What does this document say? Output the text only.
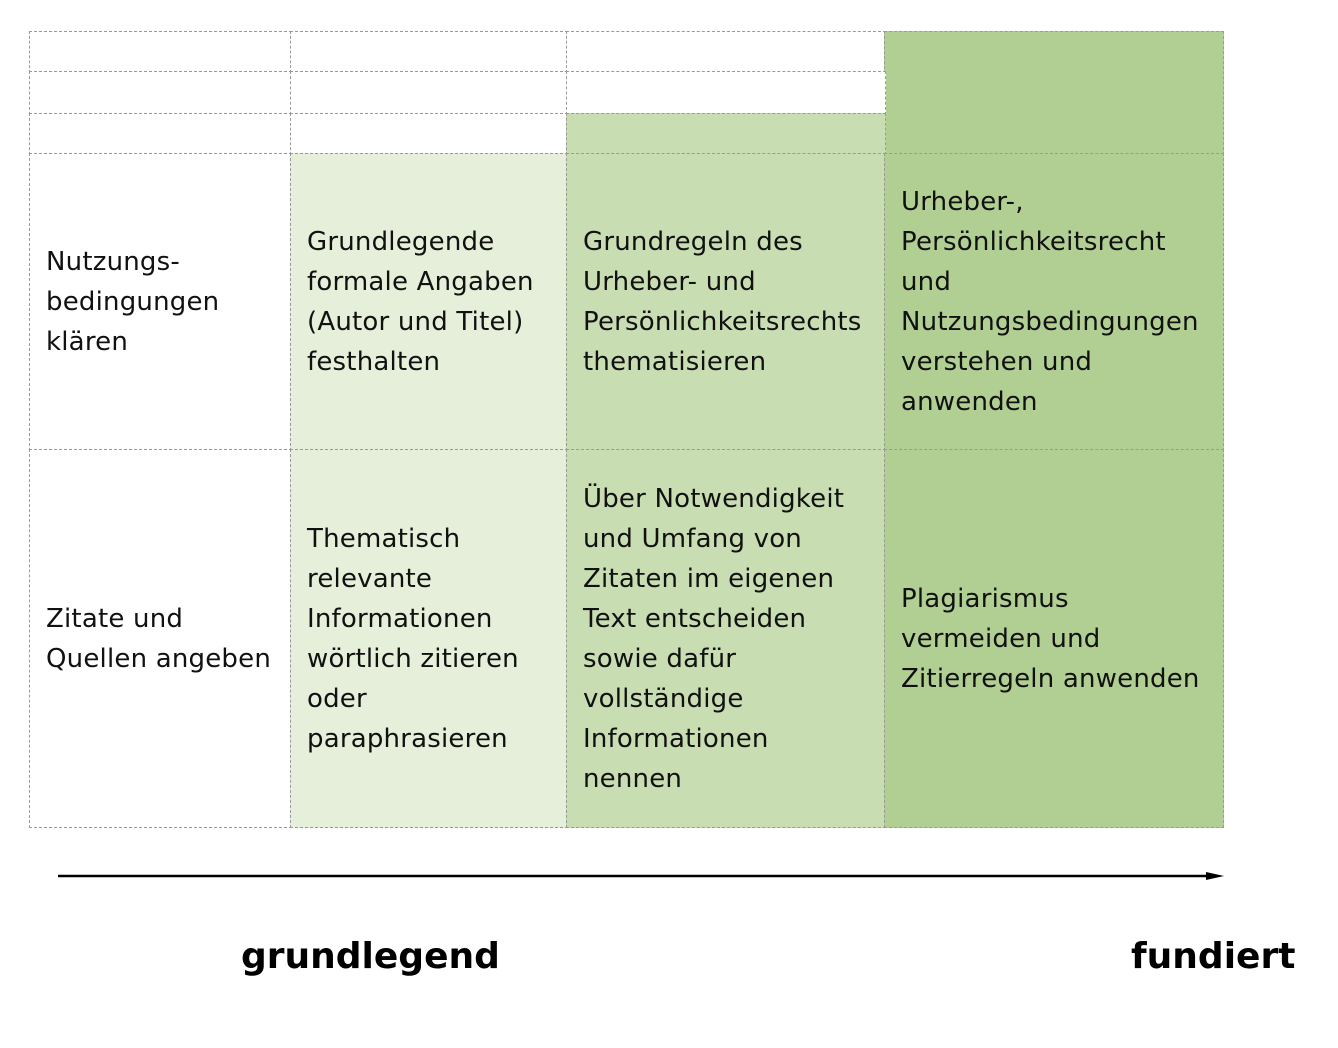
Nutzungs-
bedingungen
klären
Grundlegende
formale Angaben
(Autor und Titel)
festhalten
Grundregeln des
Urheber- und
Persönlichkeitsrechts
thematisieren
Urheber-,
Persönlichkeitsrecht
und
Nutzungsbedingungen
verstehen und
anwenden
Zitate und
Quellen angeben
Thematisch
relevante
Informationen
wörtlich zitieren
oder
paraphrasieren
Über Notwendigkeit
und Umfang von
Zitaten im eigenen
Text entscheiden
sowie dafür
vollständige
Informationen
nennen
Plagiarismus
vermeiden und
Zitierregeln anwenden
grundlegend	fundiert
